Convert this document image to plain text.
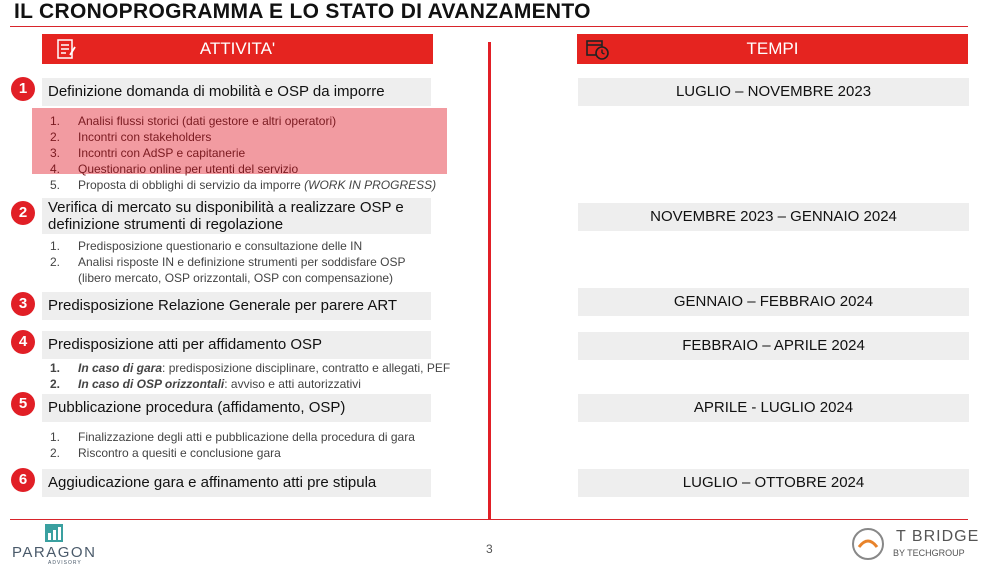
IL CRONOPROGRAMMA E LO STATO DI AVANZAMENTO
ATTIVITA'	TEMPI
1	Definizione domanda di mobilità e OSP da imporre	LUGLIO – NOVEMBRE 2023
1. Analisi flussi storici (dati gestore e altri operatori)
2. Incontri con stakeholders
3. Incontri con AdSP e capitanerie
4. Questionario online per utenti del servizio
5. Proposta di obblighi di servizio da imporre (WORK IN PROGRESS)
2	Verifica di mercato su disponibilità a realizzare OSP e definizione strumenti di regolazione	NOVEMBRE 2023 – GENNAIO 2024
1. Predisposizione questionario e consultazione delle IN
2. Analisi risposte IN e definizione strumenti per soddisfare OSP
(libero mercato, OSP orizzontali, OSP con compensazione)
3	Predisposizione Relazione Generale per parere ART	GENNAIO – FEBBRAIO 2024
4	Predisposizione atti per affidamento OSP	FEBBRAIO – APRILE 2024
1. In caso di gara: predisposizione disciplinare, contratto e allegati, PEF
2. In caso di OSP orizzontali: avviso e atti autorizzativi
5	Pubblicazione procedura (affidamento, OSP)	APRILE - LUGLIO 2024
1. Finalizzazione degli atti e pubblicazione della procedura di gara
2. Riscontro a quesiti e conclusione gara
6	Aggiudicazione gara e affinamento atti pre stipula	LUGLIO – OTTOBRE 2024
PARAGON
ADVISORY
3
T BRIDGE
BY TECHGROUP
